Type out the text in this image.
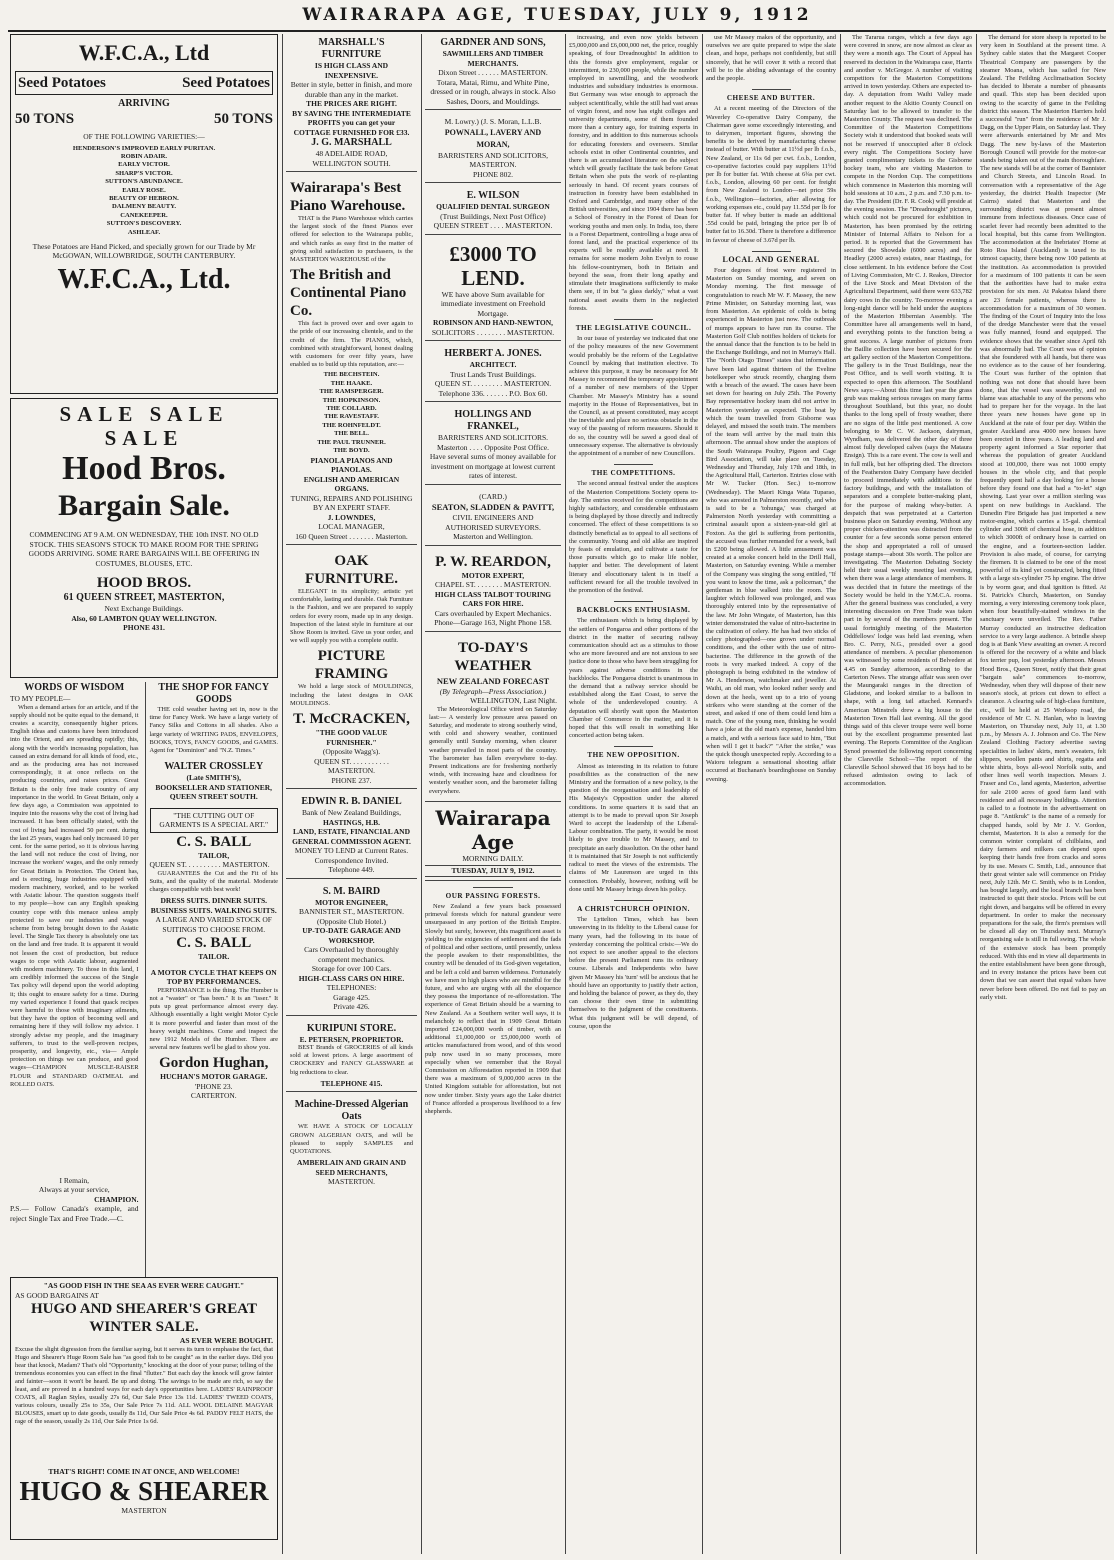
WAIRARAPA AGE, TUESDAY, JULY 9, 1912
W.F.C.A., Ltd
Seed Potatoes	Seed Potatoes
ARRIVING
50 TONS	50 TONS
OF THE FOLLOWING VARIETIES:—
HENDERSON'S IMPROVED EARLY PURITAN.
ROBIN ADAIR.
EARLY VICTOR.
SHARP'S VICTOR.
SUTTON'S ABUNDANCE.
EARLY ROSE.
BEAUTY OF HEBRON.
DALMENY BEAUTY.
CANEKEEPER.
SUTTON'S DISCOVERY.
ASHLEAF.
These Potatoes are Hand Picked, and specially grown for our Trade by Mr McGOWAN, WILLOWBRIDGE, SOUTH CANTERBURY.
W.F.C.A., Ltd.
SALE SALE SALE
Hood Bros.
Bargain Sale.
COMMENCING AT 9 A.M. ON WEDNESDAY, THE 10th INST. NO OLD STOCK. THIS SEASON'S STOCK TO MAKE ROOM FOR THE SPRING GOODS ARRIVING. SOME RARE BARGAINS WILL BE OFFERING IN COSTUMES, BLOUSES, ETC.
HOOD BROS.
61 QUEEN STREET, MASTERTON,
Next Exchange Buildings.
Also, 60 LAMBTON QUAY WELLINGTON.
PHONE 431.
WORDS OF WISDOM
TO MY PEOPLE—
When a demand arises for an article, and if the supply should not be quite equal to the demand, it creates a scarcity, consequently higher prices. English ideas and customs have been introduced into the Orient, and are spreading rapidly; this, along with the world's increasing population, has caused an extra demand for all kinds of food, etc., and as the producing area has not increased correspondingly, it at once reflects on the producing countries, and raises prices. Great Britain is the only free trade country of any importance in the world. In Great Britain, only a few days ago, a Commission was appointed to inquire into the reasons why the cost of living had increased. It has been officially stated, with the cost of living had increased 50 per cent. during the last 25 years, wages had only increased 10 per cent. for the same period, so it is obvious having the land will not reduce the cost of living, nor increase the workers' wages, and the only remedy for Great Britain is Protection. The Orient has, and is erecting, huge industries equipped with modern machinery, worked, and to be worked with Asiatic labour. The question suggests itself to my people—how can any English speaking country cope with this menace unless amply protected to save our industries and wages scheme from being brought down to the Asiatic level. The Single Tax theory is absolutely one tax on the land and free trade. It is apparent it would not lessen the cost of production, but reduce wages to cope with Asiatic labour, augmented with modern machinery. To those in this land, I am credibly informed the success of the Single Tax policy will depend upon the world adopting it; this ought to ensure safety for a time. During my varied experience I found that quack recipes were harmful to those with imaginary ailments, but they have the option of becoming well and remaining here if they will follow my advice. I strongly advise my people, and the imaginary sufferers, to trust to the well-proven recipes, prosperity, and longevity, etc., via— Ample protection on things we can produce, and good wages—CHAMPION MUSCLE-RAISER FLOUR and STANDARD OATMEAL and ROLLED OATS.
I Remain,
Always at your service,
CHAMPION.
P.S.— Follow Canada's example, and reject Single Tax and Free Trade.—C.
THE SHOP FOR FANCY GOODS
THE cold weather having set in, now is the time for Fancy Work. We have a large variety of Fancy Silks and Cottons in all shades. Also a large variety of WRITING PADS, ENVELOPES, BOOKS, TOYS, FANCY GOODS, and GAMES. Agent for "Dominion" and "N.Z. Times."
WALTER CROSSLEY
(Late SMITH'S),
BOOKSELLER AND STATIONER,
QUEEN STREET SOUTH.
"THE CUTTING OUT OF GARMENTS IS A SPECIAL ART."
C. S. BALL
TAILOR,
QUEEN ST. . . . . . . . . . MASTERTON.
GUARANTEES the Cut and the Fit of his Suits, and the quality of the material. Moderate charges compatible with best work!
DRESS SUITS. DINNER SUITS. BUSINESS SUITS. WALKING SUITS.
A LARGE AND VARIED STOCK OF SUITINGS TO CHOOSE FROM.
C. S. BALL
TAILOR.
A MOTOR CYCLE THAT KEEPS ON TOP BY PERFORMANCES.
PERFORMANCE is the thing. The Humber is not a "waster" or "has been." It is an "isser." It puts up great performance almost every day. Although essentially a light weight Motor Cycle it is more powerful and faster than most of the heavy weight machines. Come and inspect the new 1912 Models of the Humber. There are several new features we'll be glad to show you.
Gordon Hughan,
HUCHAN'S MOTOR GARAGE.
'PHONE 23.
CARTERTON.
"AS GOOD FISH IN THE SEA AS EVER WERE CAUGHT."
AS GOOD BARGAINS AT
HUGO AND SHEARER'S GREAT WINTER SALE.
AS EVER WERE BOUGHT.
Excuse the slight digression from the familiar saying, but it serves its turn to emphasise the fact, that Hugo and Shearer's Huge Room Sale has "as good fish to be caught" as in the earlier days. Did you hear that knock, Madam? That's old "Opportunity," knocking at the door of your purse; telling of the tremendous economies you can effect in the final "flutter." But each day the knock will grow fainter and fainter—soon it won't be heard. Be up and doing. The savings to be made are rich, so say the least, and are proved in a hundred ways for each day's opportunities here. LADIES' RAINPROOF COATS, all Raglan Styles, usually 27s 6d, Our Sale Price 13s 11d. LADIES' TWEED COATS, various colours, usually 25s to 35s, Our Sale Price 7s 11d. ALL WOOL DELAINE MAGYAR BLOUSES, smart up to date goods, usually 8s 11d, Our Sale Price 4s 6d. PADDY FELT HATS, the rage of the season, usually 2s 11d, Our Sale Price 1s 6d.
THAT'S RIGHT! COME IN AT ONCE, AND WELCOME!
HUGO & SHEARER
MASTERTON
MARSHALL'S FURNITURE
IS HIGH CLASS AND INEXPENSIVE.
Better in style, better in finish, and more durable than any in the market.
THE PRICES ARE RIGHT.
BY SAVING THE INTERMEDIATE PROFITS you can get your COTTAGE FURNISHED FOR £33.
J. G. MARSHALL
48 ADELAIDE ROAD,
WELLINGTON SOUTH.
Wairarapa's Best Piano Warehouse.
THAT is the Piano Warehouse which carries the largest stock of the finest Pianos ever offered for selection to the Wairarapa public, and which ranks as easy first in the matter of giving solid satisfaction to purchasers, is the MASTERTON WAREHOUSE of the
The British and Continental Piano Co.
This fact is proved over and over again to the pride of our increasing clientele, and to the credit of the firm. The PIANOS, which, combined with straightforward, honest dealing with customers for over fifty years, have enabled us to build up this reputation, are:—
THE BECHSTEIN.
THE HAAKE.
THE RAMSPERGER.
THE HOPKINSON.
THE COLLARD.
THE RAVESTAFF.
THE ROHNFELDT.
THE BELL.
THE PAUL TRUNNER.
THE BOYD.
PIANOLA PIANOS AND PIANOLAS.
ENGLISH AND AMERICAN ORGANS.
TUNING, REPAIRS AND POLISHING BY AN EXPERT STAFF.
J. LOWNDES,
LOCAL MANAGER,
160 Queen Street . . . . . . . Masterton.
OAK FURNITURE.
ELEGANT in its simplicity; artistic yet comfortable, lasting and durable. Oak Furniture is the Fashion, and we are prepared to supply orders for every room, made up in any design. Inspection of the latest style in furniture at our Show Room is invited. Give us your order, and we will supply you with a complete outfit.
PICTURE FRAMING
We hold a large stock of MOULDINGS, including the latest designs in OAK MOULDINGS.
T. McCRACKEN,
"THE GOOD VALUE FURNISHER."
(Opposite Wagg's).
QUEEN ST. . . . . . . . . . . MASTERTON.
PHONE 237.
EDWIN R. B. DANIEL
Bank of New Zealand Buildings,
HASTINGS, H.B.
LAND, ESTATE, FINANCIAL AND GENERAL COMMISSION AGENT.
MONEY TO LEND at Current Rates.
Correspondence Invited.
Telephone 449.
S. M. BAIRD
MOTOR ENGINEER,
BANNISTER ST., MASTERTON.
(Opposite Club Hotel.)
UP-TO-DATE GARAGE AND WORKSHOP.
Cars Overhauled by thoroughly competent mechanics.
Storage for over 100 Cars.
HIGH-CLASS CARS ON HIRE.
TELEPHONES:
Garage 425.
Private 426.
KURIPUNI STORE.
E. PETERSEN, PROPRIETOR.
BEST Brands of GROCERIES of all kinds sold at lowest prices. A large assortment of CROCKERY and FANCY GLASSWARE at big reductions to clear.
TELEPHONE 415.
Machine-Dressed Algerian Oats
WE HAVE A STOCK OF LOCALLY GROWN ALGERIAN OATS, and will be pleased to supply SAMPLES and QUOTATIONS.
AMBERLAIN AND GRAIN AND SEED MERCHANTS,
MASTERTON.
GARDNER AND SONS,
SAWMILLERS AND TIMBER MERCHANTS.
Dixon Street . . . . . . MASTERTON.
Totara, Matai, Rimu, and White Pine, dressed or in rough, always in stock. Also Sashes, Doors, and Mouldings.
M. Lowry.) (J. S. Moran, L.L.B.
POWNALL, LAVERY AND MORAN,
BARRISTERS AND SOLICITORS,
MASTERTON.
PHONE 802.
E. WILSON
QUALIFIED DENTAL SURGEON
(Trust Buildings, Next Post Office) QUEEN STREET . . . . MASTERTON.
£3000 TO LEND.
WE have above Sum available for immediate investment on Freehold Mortgage.
ROBINSON AND HAND-NEWTON,
SOLICITORS . . . . . . . . MASTERTON.
HERBERT A. JONES.
ARCHITECT.
Trust Lands Trust Buildings.
QUEEN ST. . . . . . . . . MASTERTON.
Telephone 336. . . . . . . P.O. Box 60.
HOLLINGS AND FRANKEL,
BARRISTERS AND SOLICITORS.
Masterton . . . . Opposite Post Office.
Have several sums of money available for investment on mortgage at lowest current rates of interest.
(CARD.)
SEATON, SLADDEN & PAVITT,
CIVIL ENGINEERS AND AUTHORISED SURVEYORS.
Masterton and Wellington.
P. W. REARDON,
MOTOR EXPERT,
CHAPEL ST. . . . . . . . MASTERTON.
HIGH CLASS TALBOT TOURING CARS FOR HIRE.
Cars overhauled by Expert Mechanics.
Phone—Garage 163, Night Phone 158.
TO-DAY'S WEATHER
NEW ZEALAND FORECAST
(By Telegraph—Press Association.)
WELLINGTON, Last Night.
The Meteorological Office wired on Saturday last:— A westerly low pressure area passed on Saturday, and moderate to strong southerly wind, with cold and showery weather, continued generally until Sunday morning, when clearer weather prevailed in most parts of the country. The barometer has fallen everywhere to-day. Present indications are for freshening northerly winds, with increasing haze and cloudiness for westerly weather soon, and the barometer falling everywhere.
Wairarapa Age
MORNING DAILY.
TUESDAY, JULY 9, 1912.
OUR PASSING FORESTS.
New Zealand a few years back possessed primeval forests which for natural grandeur were unsurpassed in any portion of the British Empire. Slowly but surely, however, this magnificent asset is yielding to the exigencies of settlement and the fads of political and other sections, until presently, unless the people awaken to their responsibilities, the country will be denuded of its God-given vegetation, and be left a cold and barren wilderness. Fortunately we have men in high places who are mindful for the future, and who are urging with all the eloquence they possess the importance of re-afforestation. The experience of Great Britain should be a warning to New Zealand. As a Southern writer well says, it is melancholy to reflect that in 1909 Great Britain imported £24,000,000 worth of timber, with an additional £1,000,000 or £5,000,000 worth of articles manufactured from wood, and of this wood pulp now used in so many processes, more especially when we remember that the Royal Commission on Afforestation reported in 1909 that there was a maximum of 9,000,000 acres in the United Kingdom suitable for afforestation, but not now under timber. Sixty years ago the Lake district of France afforded a prosperous livelihood to a few shepherds.
increasing, and even now yields between £5,000,000 and £6,000,000 net, the price, roughly speaking, of four Dreadnoughts! In addition to this the forests give employment, regular or intermittent, to 230,000 people, while the number employed in sawmilling, and the woodwork industries and subsidiary industries is enormous. But Germany was wise enough to approach the subject scientifically, while the still had vast areas of virgin forest, and now has eight colleges and university departments, some of them founded more than a century ago, for training experts in forestry, and in addition to this numerous schools for educating foresters and overseers. Similar schools exist in other Continental countries, and there is an accumulated literature on the subject which will greatly facilitate the task before Great Britain when she puts the work of re-planting seriously in hand. Of recent years courses of instruction in forestry have been established in Oxford and Cambridge, and many other of the British universities, and since 1904 there has been a School of Forestry in the Forest of Dean for working youths and men only. In India, too, there is a Forest Department, controlling a huge area of forest land, and the practical experience of its experts will be readily available at need. It remains for some modern John Evelyn to rouse his fellow-countrymen, both in Britain and beyond the seas, from their long apathy and stimulate their imaginations sufficiently to make them see, if in but "a glass darkly," what a vast national asset awaits them in the neglected forests.
THE LEGISLATIVE COUNCIL.
In our issue of yesterday we indicated that one of the policy measures of the new Government would probably be the reform of the Legislative Council by making that institution elective. To achieve this purpose, it may be necessary for Mr Massey to recommend the temporary appointment of a number of new members of the Upper Chamber. Mr Massey's Ministry has a sound majority in the House of Representatives, but in the Council, as at present constituted, may accept the inevitable and place no serious obstacle in the way of the passing of reform measures. Should it do so, the country will be saved a good deal of unnecessary expense. The alternative is obviously the appointment of a number of new Councillors.
THE COMPETITIONS.
The second annual festival under the auspices of the Masterton Competitions Society opens to-day. The entries received for the competitions are highly satisfactory, and considerable enthusiasm is being displayed by those directly and indirectly concerned. The effect of these competitions is so distinctly beneficial as to appeal to all sections of the community. Young and old alike are inspired by feasts of emulation, and cultivate a taste for those pursuits which go to make life nobler, happier and better. The development of latent literary and elocutionary talent is in itself a sufficient reward for all the trouble involved in the promotion of the festival.
BACKBLOCKS ENTHUSIASM.
The enthusiasm which is being displayed by the settlers of Pongaroa and other portions of the district in the matter of securing railway communication should act as a stimulus to those who are more favoured and are not anxious to see justice done to those who have been struggling for years against adverse conditions in the backblocks. The Pongaroa district is unanimous in the demand that a railway service should be established along the East Coast, to serve the whole of the underdeveloped country. A deputation will shortly wait upon the Masterton Chamber of Commerce in the matter, and it is hoped that this will result in something like concerted action being taken.
THE NEW OPPOSITION.
Almost as interesting in its relation to future possibilities as the construction of the new Ministry and the formation of a new policy, is the question of the reorganisation and leadership of His Majesty's Opposition under the altered conditions. In some quarters it is said that an attempt is to be made to prevail upon Sir Joseph Ward to accept the leadership of the Liberal-Labour combination. The party, it would be most likely to give trouble to Mr Massey, and to precipitate an early dissolution. On the other hand it is maintained that Sir Joseph is not sufficiently radical to meet the views of the extremists. The claims of Mr Laurenson are urged in this connection. Probably, however, nothing will be done until Mr Massey brings down his policy.
A CHRISTCHURCH OPINION.
The Lyttelton Times, which has been unswerving in its fidelity to the Liberal cause for many years, had the following in its issue of yesterday concerning the political crisis:—We do not expect to see another appeal to the electors before the present Parliament runs its ordinary course. Liberals and Independents who have given Mr Massey his 'turn' will be anxious that he should have an opportunity to justify their action, and holding the balance of power, as they do, they can choose their own time in submitting themselves to the judgment of the constituents. What this judgment will be will depend, of course, upon the
use Mr Massey makes of the opportunity, and ourselves we are quite prepared to wipe the slate clean, and hope, perhaps not confidently, but still sincerely, that he will cover it with a record that will be to the abiding advantage of the country and the people.
CHEESE AND BUTTER.
At a recent meeting of the Directors of the Waverley Co-operative Dairy Company, the Chairman gave some exceedingly interesting, and to dairymen, important figures, showing the benefits to be derived by manufacturing cheese instead of butter. With butter at 11½d per lb f.o.b., New Zealand, or 11s 6d per cwt. f.o.b., London, co-operative factories could pay suppliers 11½d per lb for butter fat. With cheese at 6¾s per cwt. f.o.b., London, allowing 60 per cent. for freight from New Zealand to London—net price 59s f.o.b., Wellington—factories, after allowing for working expenses etc., could pay 11.55d per lb for butter fat. If whey butter is made an additional .55d could be paid, bringing the price per lb of butter fat to 16.30d. There is therefore a difference in favour of cheese of 3.67d per lb.
LOCAL AND GENERAL
Four degrees of frost were registered in Masterton on Sunday morning, and seven on Monday morning. The first message of congratulation to reach Mr W. F. Massey, the new Prime Minister, on Saturday morning last, was from Masterton. An epidemic of colds is being experienced in Masterton just now. The outbreak of mumps appears to have run its course. The Masterton Golf Club notifies holders of tickets for the annual dance that the function is to be held in the Exchange Buildings, and not in Murray's Hall. The "North Otago Times" states that information have been laid against thirteen of the Eveline hotelkeeper who struck recently, charging them with a breach of the award. The cases have been set down for hearing on July 25th. The Poverty Bay representative hockey team did not arrive in Masterton yesterday as expected. The boat by which the team travelled from Gisborne was delayed, and missed the south train. The members of the team will arrive by the mail train this afternoon. The annual show under the auspices of the South Wairarapa Poultry, Pigeon and Cage Bird Association, will take place on Tuesday, Wednesday and Thursday, July 17th and 18th, in the Agricultural Hall, Carterton. Entries close with Mr W. Tucker (Hon. Sec.) to-morrow (Wednesday). The Maori Kinga Wata Tuparao, who was arrested in Palmerston recently, and who is said to be a 'tohunga,' was charged at Palmerston North yesterday with committing a criminal assault upon a sixteen-year-old girl at Foxton. As the girl is suffering from peritonitis, the accused was further remanded for a week, bail in £200 being allowed. A little amusement was created at a smoke concert held in the Drill Hall, Masterton, on Saturday evening. While a member of the Company was singing the song entitled, "If you want to know the time, ask a policeman," the gentleman in blue walked into the room. The laughter which followed was prolonged, and was thoroughly entered into by the representative of the law. Mr John Wingate, of Masterton, has this winter demonstrated the value of nitro-bacterine in the cultivation of celery. He has had two sticks of celery photographed—one grown under normal conditions, and the other with the use of nitro-bacterine. The difference in the growth of the roots is very marked indeed. A copy of the photograph is being exhibited in the window of Mr A. Henderson, watchmaker and jeweller. At Waihi, an old man, who looked rather seedy and down at the heels, went up to a trio of young strikers who were standing at the corner of the street, and asked if one of them could lend him a match. One of the young men, thinking he would have a joke at the old man's expense, handed him a match, and with a serious face said to him, "But when will I get it back?" "After the strike," was the quick though unexpected reply. According to a Waioru telegram a sensational shooting affair occurred at Buchanan's boardinghouse on Sunday evening.
The Tararua ranges, which a few days ago were covered in snow, are now almost as clear as they were a month ago. The Court of Appeal has reserved its decision in the Wairarapa case, Harris and another v. McGregor. A number of visiting competitors for the Masterton Competitions arrived in town yesterday. Others are expected to-day. A deputation from Waihi Valley made another request to the Akitio County Council on Saturday last to be allowed to transfer to the Masterton County. The request was declined. The Committee of the Masterton Competitions Society wish it understood that booked seats will not be reserved if unoccupied after 8 o'clock every night. The Competitions Society have granted complimentary tickets to the Gisborne hockey team, who are visiting Masterton to compete in the Nordon Cup. The competitions which commence in Masterton this morning will hold sessions at 10 a.m., 2 p.m. and 7.30 p.m. to-day. The President (Dr. F. R. Cook) will preside at the evening session. The "Dreadnought" pictures, which could not be procured for exhibition in Masterton, has been promised by the retiring Minister of Internal Affairs to Nelson for a period. It is reported that the Government has secured the Showdale (6000 acres) and the Headley (2000 acres) estates, near Hastings, for close settlement. In his evidence before the Cost of Living Commission, Mr C. J. Reakes, Director of the Live Stock and Meat Division of the Agricultural Department, said there were 633,782 dairy cows in the country. To-morrow evening a long-night dance will be held under the auspices of the Masterton Hibernian Assembly. The Committee have all arrangements well in hand, and everything points to the function being a great success. A large number of pictures from the Baillie collection have been secured for the art gallery section of the Masterton Competitions. The gallery is in the Trust Buildings, near the Post Office, and is well worth visiting. It is expected to open this afternoon. The Southland News says:—About this time last year the grass grub was making serious ravages on many farms throughout Southland, but this year, no doubt thanks to the long spell of frosty weather, there are no signs of the little pest mentioned. A cow belonging to Mr C. W. Jackson, dairyman, Wyndham, was delivered the other day of three almost fully developed calves (says the Mataura Ensign). This is a rare event. The cow is well and in full milk, but her offspring died. The directors of the Featherston Dairy Company have decided to proceed immediately with additions to the factory buildings, and with the installation of separators and a complete butter-making plant, for the purpose of making whey-butter. A despatch that was perpetrated at a Carterton business place on Saturday evening. Without any proper chicken-attention was distracted from the counter for a few seconds some person entered the shop and appropriated a roll of unused postage stamps—about 30s worth. The police are investigating. The Masterton Debating Society held their usual weekly meeting last evening, when there was a large attendance of members. It was decided that in future the meetings of the Society would be held in the Y.M.C.A. rooms. After the general business was concluded, a very interesting discussion on Free Trade was taken part in by several of the members present. The usual fortnightly meeting of the Masterton Oddfellows' lodge was held last evening, when Bro. C. Perry, N.G., presided over a good attendance of members. A peculiar phenomenon was witnessed by some residents of Belvedere at 4.45 on Sunday afternoon, according to the Carterton News. The strange affair was seen over the Maungaraki ranges in the direction of Gladstone, and looked similar to a balloon in shape, with a long tail attached. Kennard's American Minstrels drew a big house to the Masterton Town Hall last evening. All the good things said of this clever troupe were well borne out by the excellent programme presented last evening. The Reports Committee of the Anglican Synod presented the following report concerning the Clareville School:—The report of the Clareville School showed that 16 boys had to be refused admission owing to lack of accommodation.
The demand for store sheep is reported to be very keen in Southland at the present time. A Sydney cable states that the Margaret Cooper Theatrical Company are passengers by the steamer Moana, which has sailed for New Zealand. The Feilding Acclimatisation Society has decided to liberate a number of pheasants and quail. This step has been decided upon owing to the scarcity of game in the Feilding district this season. The Masterton Harriers hold a successful "run" from the residence of Mr J. Dagg, on the Upper Plain, on Saturday last. They were afterwards entertained by Mr and Mrs Dagg. The new by-laws of the Masterton Borough Council will provide for the motor-car stands being taken out of the main thoroughfare. The new stands will be at the corner of Bannister and Church Streets, and Lincoln Road. In conversation with a representative of the Age yesterday, the district Health Inspector (Mr Cairns) stated that Masterton and the surrounding district was at present almost immune from infectious diseases. Once case of scarlet fever had recently been admitted to the local hospital, but this came from Wellington. The accommodation at the Inebriates' Home at Roto Roa Island (Auckland) is taxed to its utmost capacity, there being now 100 patients at the institution. As accommodation is provided for a maximum of 100 patients it can be seen that the authorities have had to make extra provision for six men. At Pakatoa Island there are 23 female patients, whereas there is accommodation for a maximum of 30 women. The finding of the Court of Inquiry into the loss of the dredge Manchester were that the vessel was fully manned, found and equipped. The evidence shows that the weather since April 6th was abnormally bad. The Court was of opinion that she foundered with all hands, but there was no evidence as to the cause of her foundering. The Court was further of the opinion that nothing was not done that should have been done, that the vessel was seaworthy, and no blame was attachable to any of the persons who had to prepare her for the voyage. In the last three years new houses have gone up in Auckland at the rate of four per day. Within the greater Auckland area 4000 new houses have been erected in three years. A leading land and property agent informed a Star reporter that whereas the population of greater Auckland stood at 100,000, there was not 1000 empty houses in the whole city, and that people frequently spent half a day looking for a house before they found one that had a "to-let" sign showing. Last year over a million sterling was spent on new buildings in Auckland. The Dunedin Fire Brigade has just imported a new motor-engine, which carries a 15-gal. chemical cylinder and 300ft of chemical hose, in addition to which 3000ft of ordinary hose is carried on the engine, and a fourteen-section ladder. Provision is also made, of course, for carrying the firemen. It is claimed to be one of the most powerful of its kind yet constructed, being fitted with a large six-cylinder 75 hp engine. The drive is by worm gear, and dual ignition is fitted. At St. Patrick's Church, Masterton, on Sunday morning, a very interesting ceremony took place, when four beautifully-stained windows in the sanctuary were unveiled. The Rev. Father Murray conducted an instructive dedication service to a very large audience. A brindle sheep dog is at Bank View awaiting an owner. A record is offered for the recovery of a white and black fox terrier pup, lost yesterday afternoon. Messrs Hood Bros., Queen Street, notify that their great "bargain sale" commences to-morrow, Wednesday, when they will dispose of their new season's stock, at prices cut down to effect a clearance. A clearing sale of high-class furniture, etc., will be held at 25 Worksop road, the residence of Mr C. N. Hanlan, who is leaving Masterton, on Thursday next, July 11, at 1.30 p.m., by Messrs A. J. Johnson and Co. The New Zealand Clothing Factory advertise saving specialities in ladies' skirts, men's sweaters, felt slippers, woollen pants and shirts, regatta and white shirts, boys all-wool Norfolk suits, and other lines well worth inspection. Messrs J. Fraser and Co., land agents, Masterton, advertise for sale 2100 acres of good farm land with residence and all necessary buildings. Attention is called to a footnote in the advertisement on page 8. "Antikruk" is the name of a remedy for chapped hands, sold by Mr J. V. Gordon, chemist, Masterton. It is also a remedy for the common winter complaint of chilblains, and dairy farmers and milkers can depend upon keeping their hands free from cracks and sores by its use. Messrs C. Smith, Ltd., announce that their great winter sale will commence on Friday next, July 12th. Mr C. Smith, who is in London, has bought largely, and the local branch has been instructed to quit their stocks. Prices will be cut right down, and bargains will be offered in every department. In order to make the necessary preparations for the sale, the firm's premises will be closed all day on Thursday next. Murray's reorganising sale is still in full swing. The whole of the extensive stock has been promptly reduced. With this end in view all departments in the entire establishment have been gone through, and in every instance the prices have been cut down that we can assert that equal values have never before been offered. Do not fail to pay an early visit.
